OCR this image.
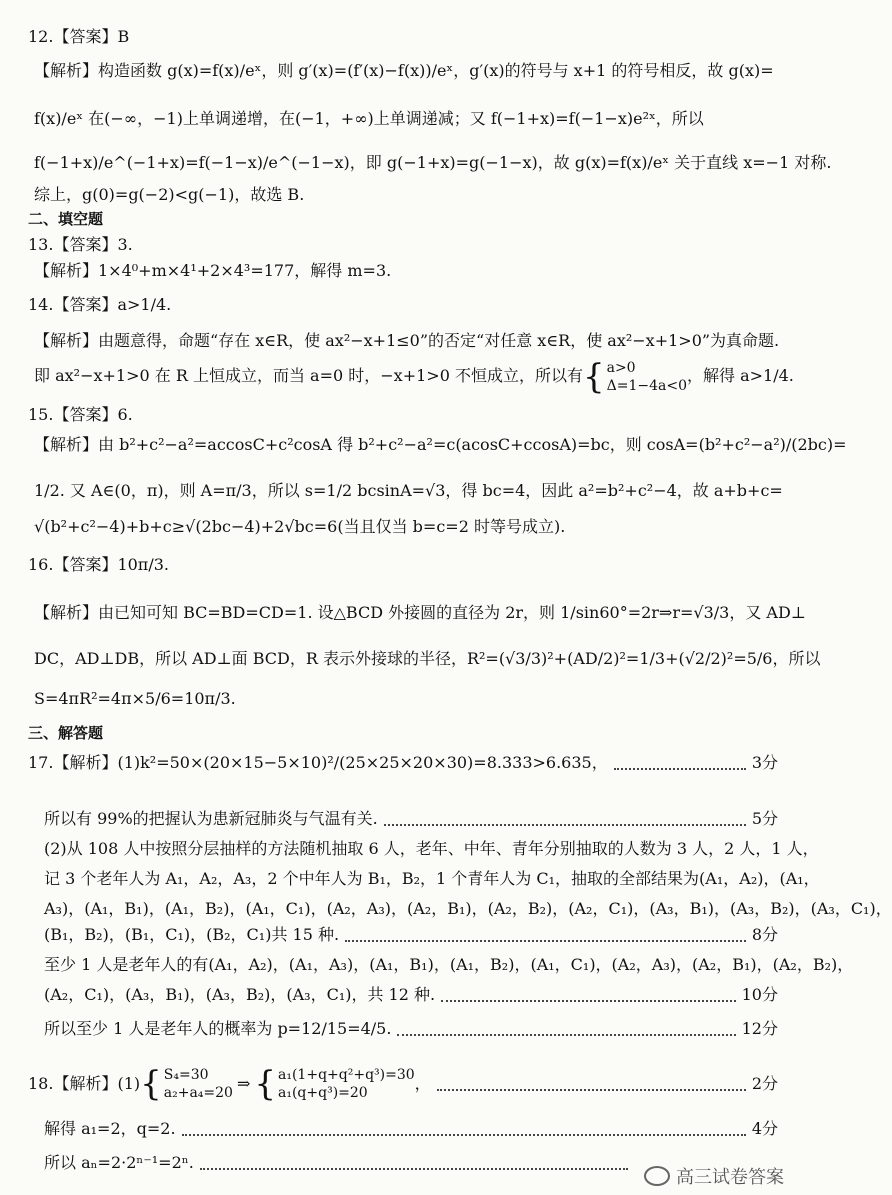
12.【答案】B
【解析】构造函数 g(x)=f(x)/eˣ，则 g′(x)=(f′(x)−f(x))/eˣ，g′(x)的符号与 x+1 的符号相反，故 g(x)=
f(x)/eˣ 在(−∞，−1)上单调递增，在(−1，+∞)上单调递减；又 f(−1+x)=f(−1−x)e²ˣ，所以
f(−1+x)/e^(−1+x)=f(−1−x)/e^(−1−x)，即 g(−1+x)=g(−1−x)，故 g(x)=f(x)/eˣ 关于直线 x=−1 对称.
综上，g(0)=g(−2)<g(−1)，故选 B.
二、填空题
13.【答案】3.
【解析】1×4⁰+m×4¹+2×4³=177，解得 m=3.
14.【答案】a>1/4.
【解析】由题意得，命题“存在 x∈R，使 ax²−x+1≤0”的否定“对任意 x∈R，使 ax²−x+1>0”为真命题.
即 ax²−x+1>0 在 R 上恒成立，而当 a=0 时，−x+1>0 不恒成立，所以有 { a>0
Δ=1−4a<0
，解得 a>1/4.
15.【答案】6.
【解析】由 b²+c²−a²=accosC+c²cosA 得 b²+c²−a²=c(acosC+ccosA)=bc，则 cosA=(b²+c²−a²)/(2bc)=
1/2. 又 A∈(0，π)，则 A=π/3，所以 s=1/2 bcsinA=√3，得 bc=4，因此 a²=b²+c²−4，故 a+b+c=
√(b²+c²−4)+b+c≥√(2bc−4)+2√bc=6(当且仅当 b=c=2 时等号成立).
16.【答案】10π/3.
【解析】由已知可知 BC=BD=CD=1. 设△BCD 外接圆的直径为 2r，则 1/sin60°=2r⇒r=√3/3，又 AD⊥
DC，AD⊥DB，所以 AD⊥面 BCD，R 表示外接球的半径，R²=(√3/3)²+(AD/2)²=1/3+(√2/2)²=5/6，所以
S=4πR²=4π×5/6=10π/3.
三、解答题
17.【解析】(1)k²=50×(20×15−5×10)²/(25×25×20×30)=8.333>6.635，	3分
所以有 99%的把握认为患新冠肺炎与气温有关.	5分
(2)从 108 人中按照分层抽样的方法随机抽取 6 人，老年、中年、青年分别抽取的人数为 3 人，2 人，1 人，
记 3 个老年人为 A₁，A₂，A₃，2 个中年人为 B₁，B₂，1 个青年人为 C₁，抽取的全部结果为(A₁，A₂)，(A₁，
A₃)，(A₁，B₁)，(A₁，B₂)，(A₁，C₁)，(A₂，A₃)，(A₂，B₁)，(A₂，B₂)，(A₂，C₁)，(A₃，B₁)，(A₃，B₂)，(A₃，C₁)，
(B₁，B₂)，(B₁，C₁)，(B₂，C₁)共 15 种.	8分
至少 1 人是老年人的有(A₁，A₂)，(A₁，A₃)，(A₁，B₁)，(A₁，B₂)，(A₁，C₁)，(A₂，A₃)，(A₂，B₁)，(A₂，B₂)，
(A₂，C₁)，(A₃，B₁)，(A₃，B₂)，(A₃，C₁)，共 12 种.	10分
所以至少 1 人是老年人的概率为 p=12/15=4/5.	12分
18.【解析】(1) { S₄=30
a₂+a₄=20 ⇒ { a₁(1+q+q²+q³)=30
a₁(q+q³)=20	，	2分
解得 a₁=2，q=2.	4分
所以 aₙ=2·2ⁿ⁻¹=2ⁿ.
高三试卷答案
